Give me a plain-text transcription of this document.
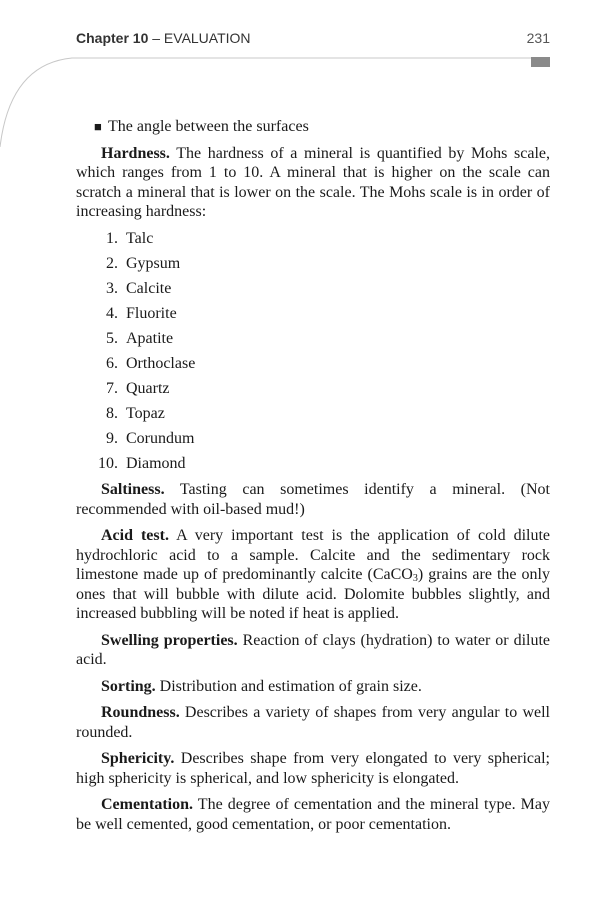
Chapter 10 – EVALUATION	231
■ The angle between the surfaces

Hardness. The hardness of a mineral is quantified by Mohs scale, which ranges from 1 to 10. A mineral that is higher on the scale can scratch a mineral that is lower on the scale. The Mohs scale is in order of increasing hardness:

1. Talc
2. Gypsum
3. Calcite
4. Fluorite
5. Apatite
6. Orthoclase
7. Quartz
8. Topaz
9. Corundum
10. Diamond

Saltiness. Tasting can sometimes identify a mineral. (Not recommended with oil-based mud!)

Acid test. A very important test is the application of cold dilute hydrochloric acid to a sample. Calcite and the sedimentary rock limestone made up of predominantly calcite (CaCO$_3$) grains are the only ones that will bubble with dilute acid. Dolomite bubbles slightly, and increased bubbling will be noted if heat is applied.

Swelling properties. Reaction of clays (hydration) to water or dilute acid.

Sorting. Distribution and estimation of grain size.

Roundness. Describes a variety of shapes from very angular to well rounded.

Sphericity. Describes shape from very elongated to very spherical; high sphericity is spherical, and low sphericity is elongated.

Cementation. The degree of cementation and the mineral type. May be well cemented, good cementation, or poor cementation.
